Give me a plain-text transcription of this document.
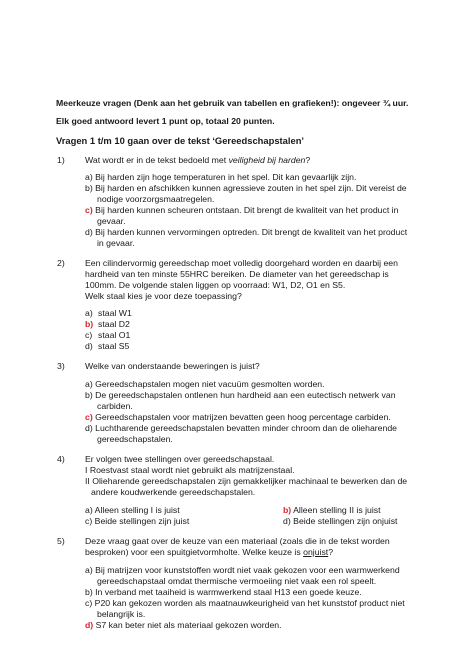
Meerkeuze vragen (Denk aan het gebruik van tabellen en grafieken!): ongeveer ¾ uur.
Elk goed antwoord levert 1 punt op, totaal 20 punten.
Vragen 1 t/m 10 gaan over de tekst ‘Gereedschapstalen’
1) Wat wordt er in de tekst bedoeld met veiligheid bij harden?
a) Bij harden zijn hoge temperaturen in het spel. Dit kan gevaarlijk zijn.
b) Bij harden en afschikken kunnen agressieve zouten in het spel zijn. Dit vereist de
nodige voorzorgsmaatregelen.
c) Bij harden kunnen scheuren ontstaan. Dit brengt de kwaliteit van het product in
gevaar.
d) Bij harden kunnen vervormingen optreden. Dit brengt de kwaliteit van het product
in gevaar.
2) Een cilindervormig gereedschap moet volledig doorgehard worden en daarbij een
hardheid van ten minste 55HRC bereiken. De diameter van het gereedschap is
100mm. De volgende stalen liggen op voorraad: W1, D2, O1 en S5.
Welk staal kies je voor deze toepassing?
a) staal W1
b) staal D2
c) staal O1
d) staal S5
3) Welke van onderstaande beweringen is juist?
a) Gereedschapstalen mogen niet vacuüm gesmolten worden.
b) De gereedschapstalen ontlenen hun hardheid aan een eutectisch netwerk van
carbiden.
c) Gereedschapstalen voor matrijzen bevatten geen hoog percentage carbiden.
d) Luchtharende gereedschapstalen bevatten minder chroom dan de olieharende
gereedschapstalen.
4) Er volgen twee stellingen over gereedschapstaal.
I Roestvast staal wordt niet gebruikt als matrijzenstaal.
II Olieharende gereedschapstalen zijn gemakkelijker machinaal te bewerken dan de
andere koudwerkende gereedschapstalen.
a) Alleen stelling I is juist	b) Alleen stelling II is juist
c) Beide stellingen zijn juist	d) Beide stellingen zijn onjuist
5) Deze vraag gaat over de keuze van een materiaal (zoals die in de tekst worden
besproken) voor een spuitgietvormholte. Welke keuze is onjuist?
a) Bij matrijzen voor kunststoffen wordt niet vaak gekozen voor een warmwerkend
gereedschapstaal omdat thermische vermoeiing niet vaak een rol speelt.
b) In verband met taaiheid is warmwerkend staal H13 een goede keuze.
c) P20 kan gekozen worden als maatnauwkeurigheid van het kunststof product niet
belangrijk is.
d) S7 kan beter niet als materiaal gekozen worden.
